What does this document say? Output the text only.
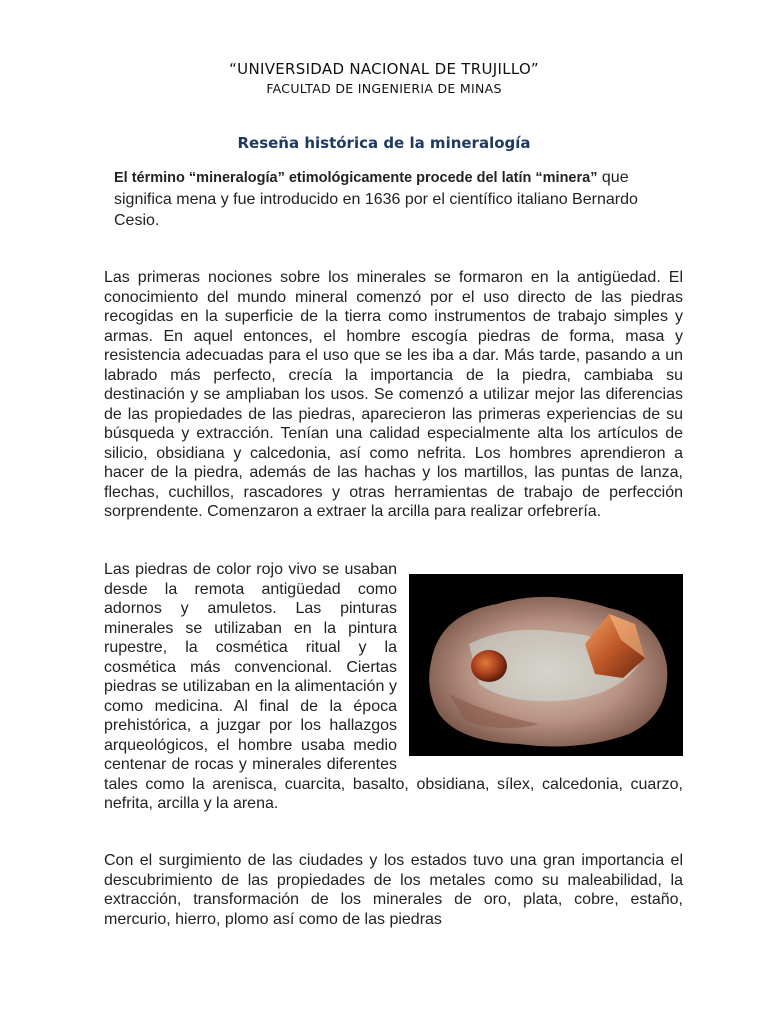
“UNIVERSIDAD NACIONAL DE TRUJILLO”
FACULTAD DE INGENIERIA DE MINAS
Reseña histórica de la mineralogía
El término “mineralogía” etimológicamente procede del latín “minera” que significa mena y fue introducido en 1636 por el científico italiano Bernardo Cesio.
Las primeras nociones sobre los minerales se formaron en la antigüedad. El conocimiento del mundo mineral comenzó por el uso directo de las piedras recogidas en la superficie de la tierra como instrumentos de trabajo simples y armas. En aquel entonces, el hombre escogía piedras de forma, masa y resistencia adecuadas para el uso que se les iba a dar. Más tarde, pasando a un labrado más perfecto, crecía la importancia de la piedra, cambiaba su destinación y se ampliaban los usos. Se comenzó a utilizar mejor las diferencias de las propiedades de las piedras, aparecieron las primeras experiencias de su búsqueda y extracción. Tenían una calidad especialmente alta los artículos de silicio, obsidiana y calcedonia, así como nefrita. Los hombres aprendieron a hacer de la piedra, además de las hachas y los martillos, las puntas de lanza, flechas, cuchillos, rascadores y otras herramientas de trabajo de perfección sorprendente. Comenzaron a extraer la arcilla para realizar orfebrería.
Las piedras de color rojo vivo se usaban desde la remota antigüedad como adornos y amuletos. Las pinturas minerales se utilizaban en la pintura rupestre, la cosmética ritual y la cosmética más convencional. Ciertas piedras se utilizaban en la alimentación y como medicina. Al final de la época prehistórica, a juzgar por los hallazgos arqueológicos, el hombre usaba medio centenar de rocas y minerales diferentes tales como la arenisca, cuarcita, basalto, obsidiana, sílex, calcedonia, cuarzo, nefrita, arcilla y la arena.
Con el surgimiento de las ciudades y los estados tuvo una gran importancia el descubrimiento de las propiedades de los metales como su maleabilidad, la extracción, transformación de los minerales de oro, plata, cobre, estaño, mercurio, hierro, plomo así como de las piedras
